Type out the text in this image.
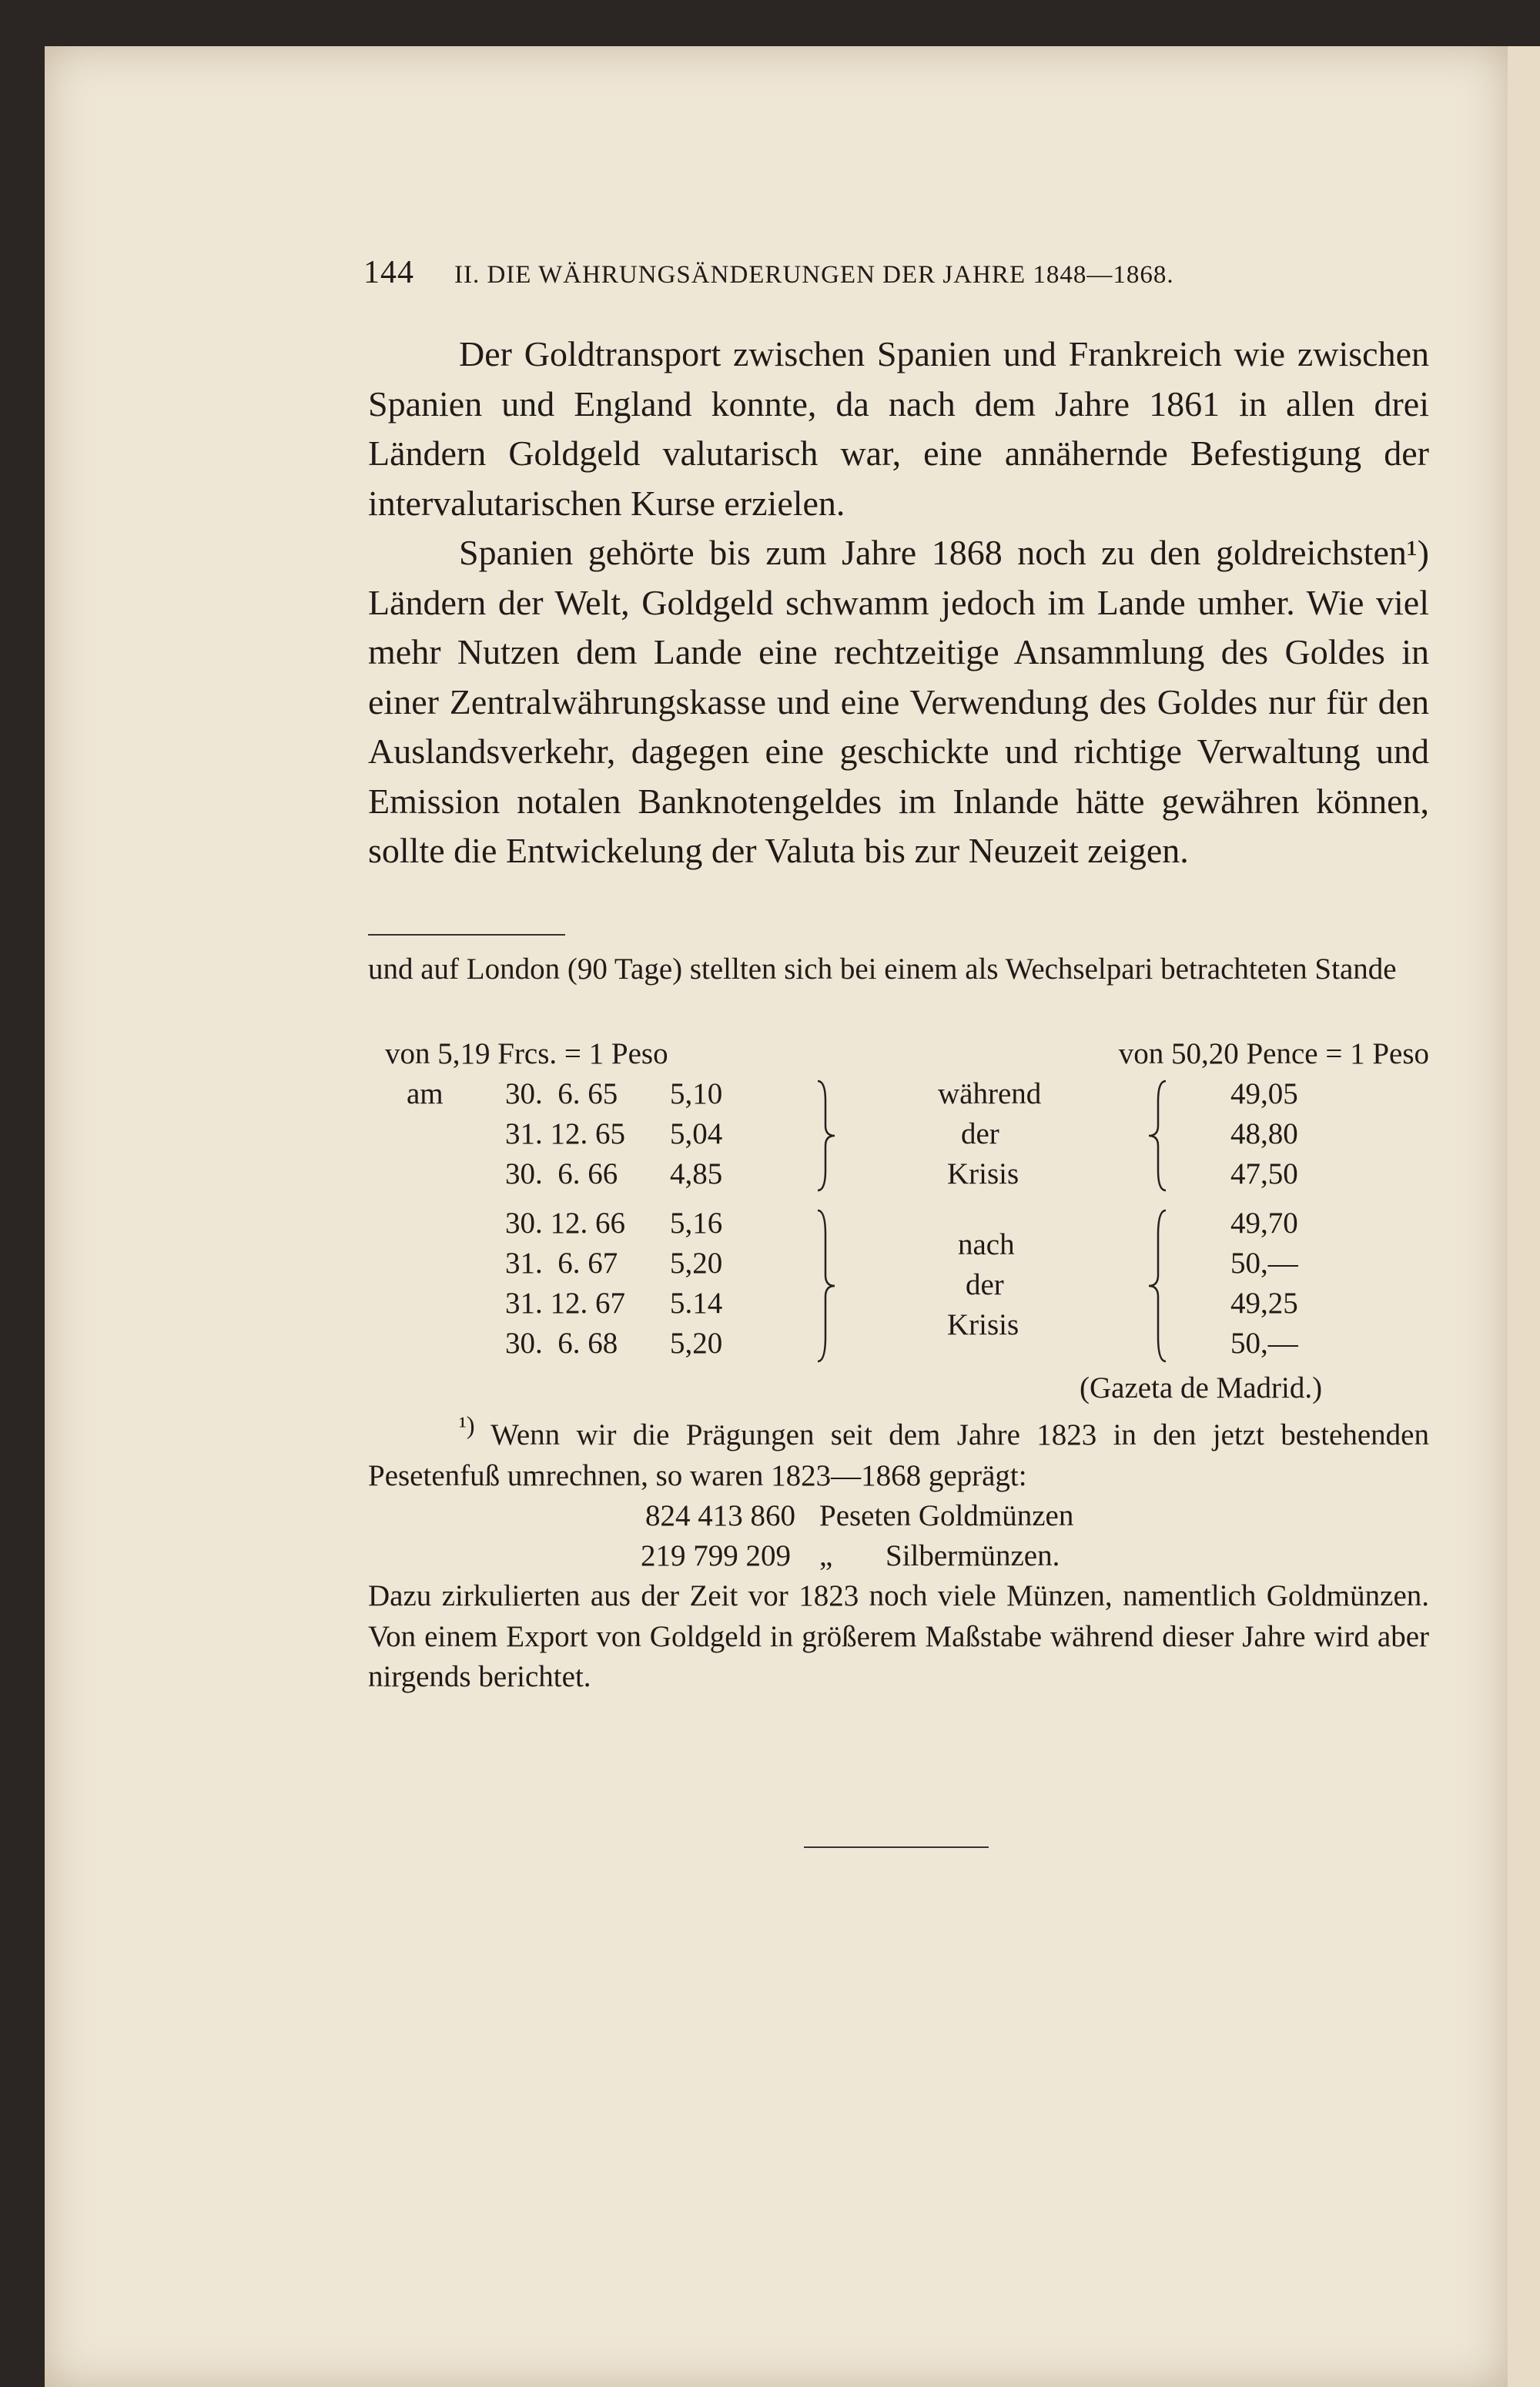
144 II. DIE WÄHRUNGSÄNDERUNGEN DER JAHRE 1848—1868.

Der Goldtransport zwischen Spanien und Frankreich wie zwischen Spanien und England konnte, da nach dem Jahre 1861 in allen drei Ländern Goldgeld valutarisch war, eine annähernde Befestigung der intervalutarischen Kurse erzielen.

Spanien gehörte bis zum Jahre 1868 noch zu den goldreichsten¹) Ländern der Welt, Goldgeld schwamm jedoch im Lande umher. Wie viel mehr Nutzen dem Lande eine rechtzeitige Ansammlung des Goldes in einer Zentralwährungskasse und eine Verwendung des Goldes nur für den Auslandsverkehr, dagegen eine geschickte und richtige Verwaltung und Emission notalen Banknotengeldes im Inlande hätte gewähren können, sollte die Entwickelung der Valuta bis zur Neuzeit zeigen.

und auf London (90 Tage) stellten sich bei einem als Wechselpari betrachteten Stande

von 5,19 Frcs. = 1 Peso	von 50,20 Pence = 1 Peso
am 30.  6. 65 5,10	49,05
31. 12. 65 5,04	48,80
30.  6. 66 4,85	47,50
während
der
Krisis
30. 12. 66 5,16	49,70
31.  6. 67 5,20	50,—
31. 12. 67 5.14	49,25
30.  6. 68 5,20	50,—
nach
der
Krisis
(Gazeta de Madrid.)

$^{^1)}$ Wenn wir die Prägungen seit dem Jahre 1823 in den jetzt bestehenden Pesetenfuß umrechnen, so waren 1823—1868 geprägt:

824 413 860 Peseten Goldmünzen
219 799 209 „ Silbermünzen.

Dazu zirkulierten aus der Zeit vor 1823 noch viele Münzen, namentlich Goldmünzen. Von einem Export von Goldgeld in größerem Maßstabe während dieser Jahre wird aber nirgends berichtet.
